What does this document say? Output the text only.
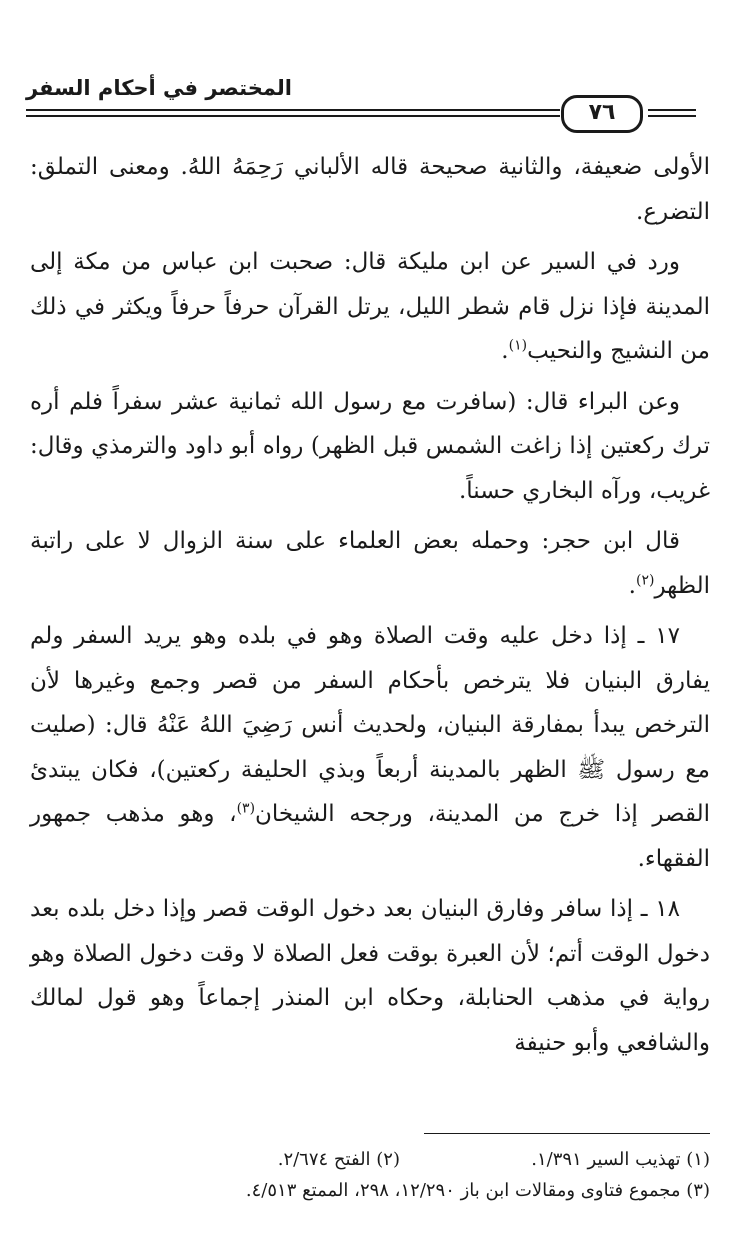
المختصر في أحكام السفر
٧٦

الأولى ضعيفة، والثانية صحيحة قاله الألباني رَحِمَهُ اللهُ. ومعنى التملق: التضرع.

ورد في السير عن ابن مليكة قال: صحبت ابن عباس من مكة إلى المدينة فإذا نزل قام شطر الليل، يرتل القرآن حرفاً حرفاً ويكثر في ذلك من النشيج والنحيب$^{(١)}$.

وعن البراء قال: (سافرت مع رسول الله ثمانية عشر سفراً فلم أره ترك ركعتين إذا زاغت الشمس قبل الظهر) رواه أبو داود والترمذي وقال: غريب، ورآه البخاري حسناً.

قال ابن حجر: وحمله بعض العلماء على سنة الزوال لا على راتبة الظهر$^{(٢)}$.

١٧ ـ إذا دخل عليه وقت الصلاة وهو في بلده وهو يريد السفر ولم يفارق البنيان فلا يترخص بأحكام السفر من قصر وجمع وغيرها لأن الترخص يبدأ بمفارقة البنيان، ولحديث أنس رَضِيَ اللهُ عَنْهُ قال: (صليت مع رسول ﷺ الظهر بالمدينة أربعاً وبذي الحليفة ركعتين)، فكان يبتدئ القصر إذا خرج من المدينة، ورجحه الشيخان$^{(٣)}$، وهو مذهب جمهور الفقهاء.

١٨ ـ إذا سافر وفارق البنيان بعد دخول الوقت قصر وإذا دخل بلده بعد دخول الوقت أتم؛ لأن العبرة بوقت فعل الصلاة لا وقت دخول الصلاة وهو رواية في مذهب الحنابلة، وحكاه ابن المنذر إجماعاً وهو قول لمالك والشافعي وأبو حنيفة

(١) تهذيب السير ١/٣٩١.
(٢) الفتح ٢/٦٧٤.
(٣) مجموع فتاوى ومقالات ابن باز ١٢/٢٩٠، ٢٩٨، الممتع ٤/٥١٣.
